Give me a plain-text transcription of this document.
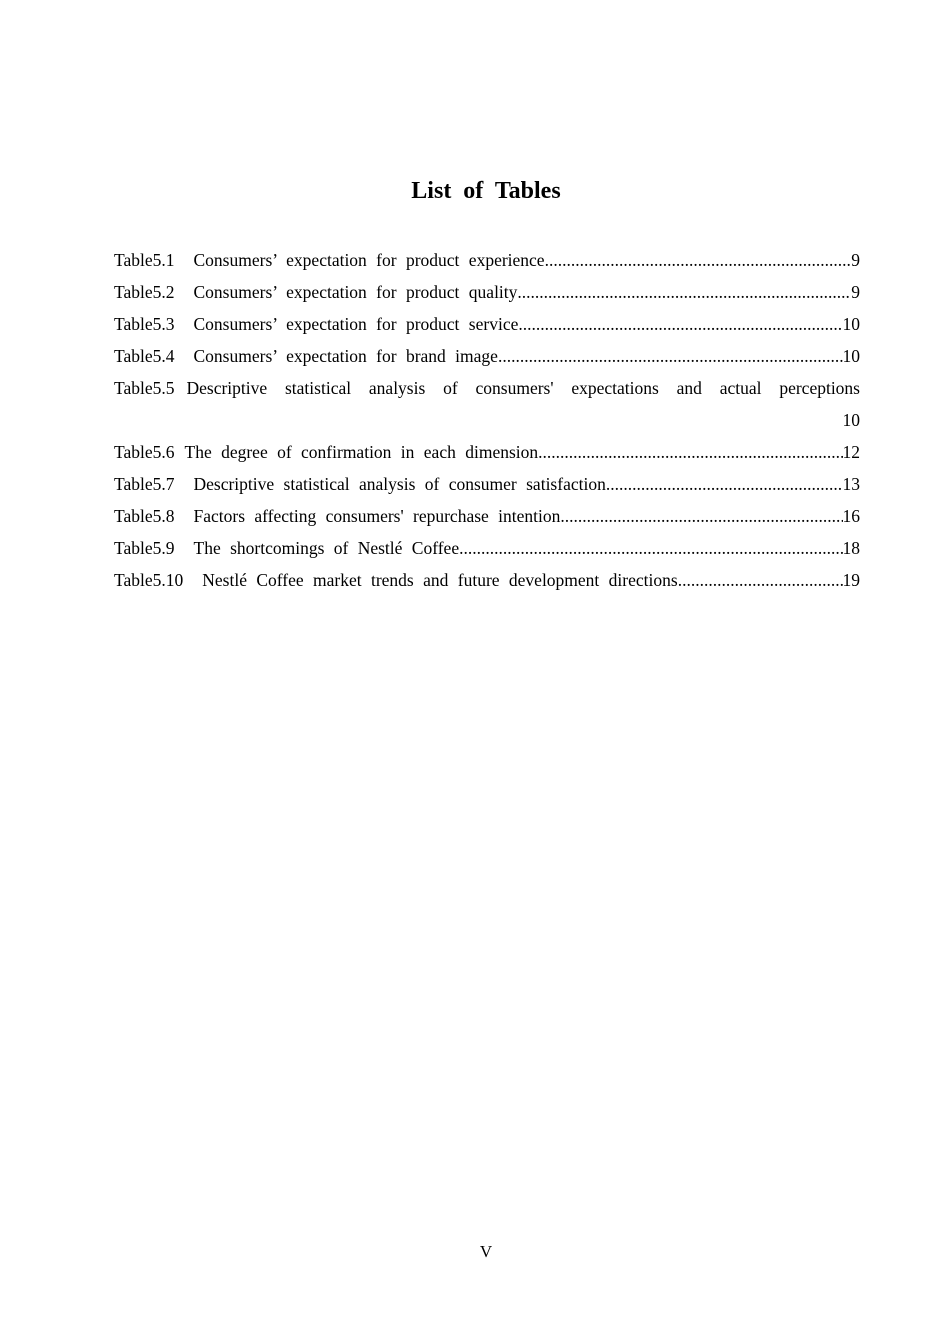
List of Tables
Table5.1 Consumers’ expectation for product experience .....	9
Table5.2 Consumers’ expectation for product quality .....	9
Table5.3 Consumers’ expectation for product service .....	10
Table5.4 Consumers’ expectation for brand image .....	10
Table5.5 Descriptive statistical analysis of consumers' expectations and actual perceptions
10
Table5.6 The degree of confirmation in each dimension .....	12
Table5.7 Descriptive statistical analysis of consumer satisfaction .....	13
Table5.8 Factors affecting consumers' repurchase intention .....	16
Table5.9 The shortcomings of Nestlé Coffee .....	18
Table5.10 Nestlé Coffee market trends and future development directions .....	19
V
